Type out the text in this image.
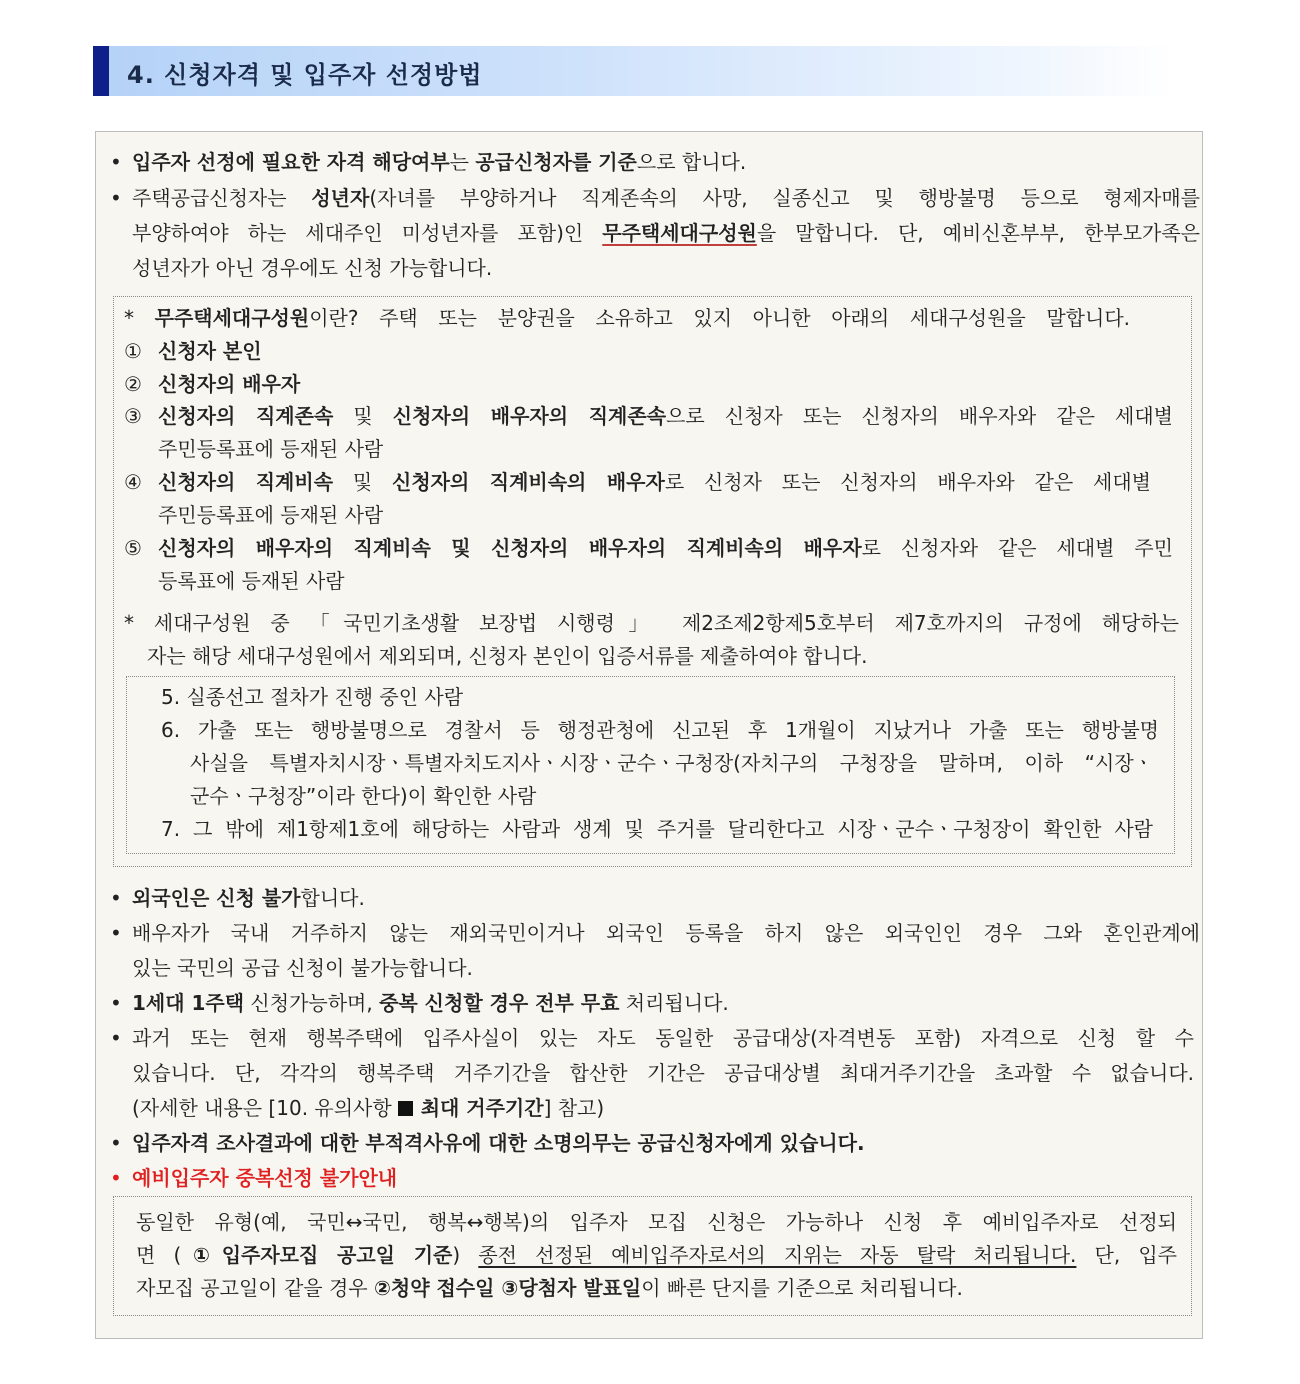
4. 신청자격 및 입주자 선정방법
• 입주자 선정에 필요한 자격 해당여부는 공급신청자를 기준으로 합니다.
• 주택공급신청자는 성년자(자녀를 부양하거나 직계존속의 사망, 실종신고 및 행방불명 등으로 형제자매를
부양하여야 하는 세대주인 미성년자를 포함)인 무주택세대구성원을 말합니다. 단, 예비신혼부부, 한부모가족은
성년자가 아닌 경우에도 신청 가능합니다.
* 무주택세대구성원이란? 주택 또는 분양권을 소유하고 있지 아니한 아래의 세대구성원을 말합니다.
① 신청자 본인
② 신청자의 배우자
③ 신청자의 직계존속 및 신청자의 배우자의 직계존속으로 신청자 또는 신청자의 배우자와 같은 세대별
주민등록표에 등재된 사람
④ 신청자의 직계비속 및 신청자의 직계비속의 배우자로 신청자 또는 신청자의 배우자와 같은 세대별
주민등록표에 등재된 사람
⑤ 신청자의 배우자의 직계비속 및 신청자의 배우자의 직계비속의 배우자로 신청자와 같은 세대별 주민
등록표에 등재된 사람
* 세대구성원 중 「국민기초생활 보장법 시행령」 제2조제2항제5호부터 제7호까지의 규정에 해당하는
자는 해당 세대구성원에서 제외되며, 신청자 본인이 입증서류를 제출하여야 합니다.
5. 실종선고 절차가 진행 중인 사람
6. 가출 또는 행방불명으로 경찰서 등 행정관청에 신고된 후 1개월이 지났거나 가출 또는 행방불명
사실을 특별자치시장ㆍ특별자치도지사ㆍ시장ㆍ군수ㆍ구청장(자치구의 구청장을 말하며, 이하 “시장ㆍ
군수ㆍ구청장”이라 한다)이 확인한 사람
7. 그 밖에 제1항제1호에 해당하는 사람과 생계 및 주거를 달리한다고 시장ㆍ군수ㆍ구청장이 확인한 사람
• 외국인은 신청 불가합니다.
• 배우자가 국내 거주하지 않는 재외국민이거나 외국인 등록을 하지 않은 외국인인 경우 그와 혼인관계에
있는 국민의 공급 신청이 불가능합니다.
• 1세대 1주택 신청가능하며, 중복 신청할 경우 전부 무효 처리됩니다.
• 과거 또는 현재 행복주택에 입주사실이 있는 자도 동일한 공급대상(자격변동 포함) 자격으로 신청 할 수
있습니다. 단, 각각의 행복주택 거주기간을 합산한 기간은 공급대상별 최대거주기간을 초과할 수 없습니다.
(자세한 내용은 [10. 유의사항 최대 거주기간] 참고)
• 입주자격 조사결과에 대한 부적격사유에 대한 소명의무는 공급신청자에게 있습니다.
• 예비입주자 중복선정 불가안내
동일한 유형(예, 국민↔국민, 행복↔행복)의 입주자 모집 신청은 가능하나 신청 후 예비입주자로 선정되
면 (①입주자모집 공고일 기준) 종전 선정된 예비입주자로서의 지위는 자동 탈락 처리됩니다. 단, 입주
자모집 공고일이 같을 경우 ②청약 접수일 ③당첨자 발표일이 빠른 단지를 기준으로 처리됩니다.
